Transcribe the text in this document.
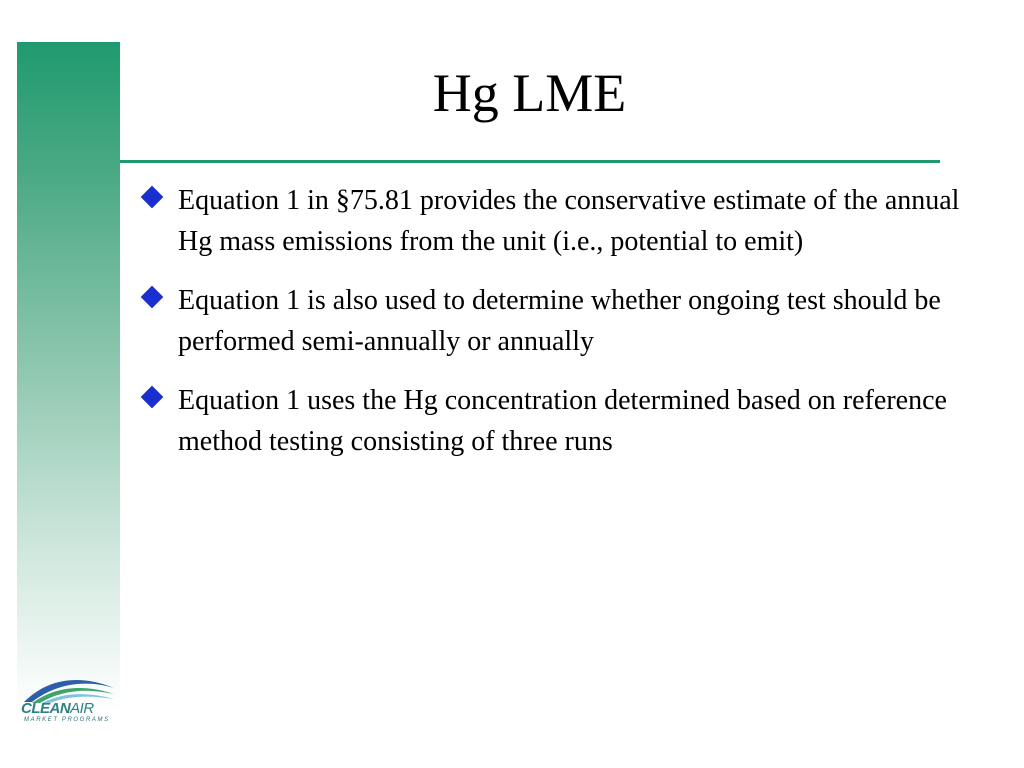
Hg LME
Equation 1 in §75.81 provides the conservative estimate of the annual Hg mass emissions from the unit (i.e., potential to emit)
Equation 1 is also used to determine whether ongoing test should be performed semi-annually or annually
Equation 1 uses the Hg concentration determined based on reference method testing consisting of three runs
CLEANAIR
MARKET PROGRAMS
